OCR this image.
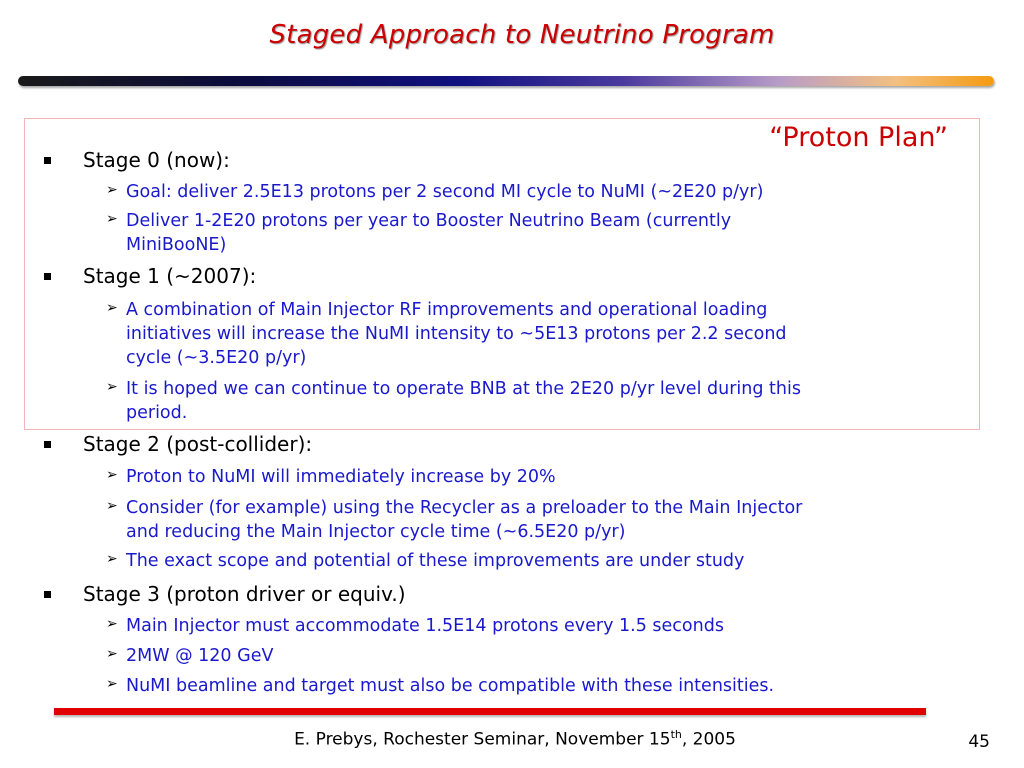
Staged Approach to Neutrino Program
“Proton Plan”
Stage 0 (now):
➢ Goal: deliver 2.5E13 protons per 2 second MI cycle to NuMI (~2E20 p/yr)
➢ Deliver 1-2E20 protons per year to Booster Neutrino Beam (currently
MiniBooNE)
Stage 1 (~2007):
➢ A combination of Main Injector RF improvements and operational loading
initiatives will increase the NuMI intensity to ~5E13 protons per 2.2 second
cycle (~3.5E20 p/yr)
➢ It is hoped we can continue to operate BNB at the 2E20 p/yr level during this
period.
Stage 2 (post-collider):
➢ Proton to NuMI will immediately increase by 20%
➢ Consider (for example) using the Recycler as a preloader to the Main Injector
and reducing the Main Injector cycle time (~6.5E20 p/yr)
➢ The exact scope and potential of these improvements are under study
Stage 3 (proton driver or equiv.)
➢ Main Injector must accommodate 1.5E14 protons every 1.5 seconds
➢ 2MW @ 120 GeV
➢ NuMI beamline and target must also be compatible with these intensities.
E. Prebys, Rochester Seminar, November 15th, 2005	45
